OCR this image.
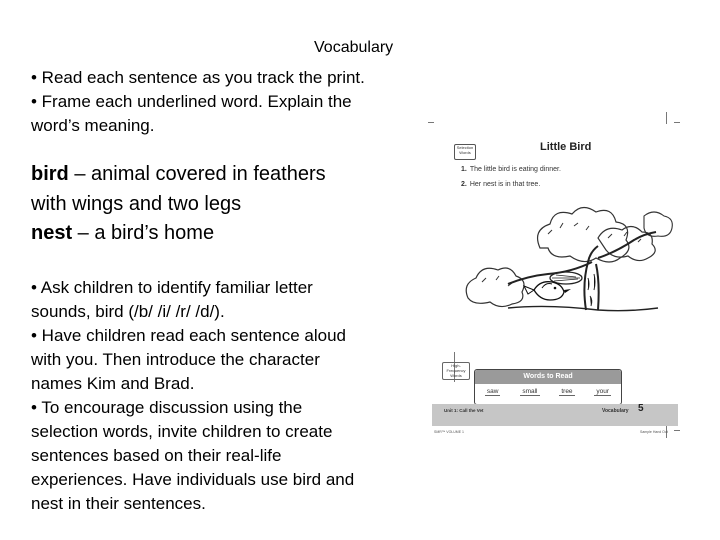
Vocabulary
• Read each sentence as you track the print.
• Frame each underlined word. Explain the
word’s meaning.
bird – animal covered in feathers
with wings and two legs
nest – a bird’s home
• Ask children to identify familiar letter
sounds, bird (/b/ /i/ /r/ /d/).
• Have children read each sentence aloud
with you. Then introduce the character
names Kim and Brad.
• To encourage discussion using the
selection words, invite children to create
sentences based on their real-life
experiences. Have individuals use bird and
nest in their sentences.
Selection Words	Little Bird
1. The little bird is eating dinner.
2. Her nest is in that tree.
High-Frequency Words	Words to Read
saw	small	tree	your
Unit 1: Call the Vet	Vocabulary 5
SMR™ VOLUME 1	Sample Hand Out
